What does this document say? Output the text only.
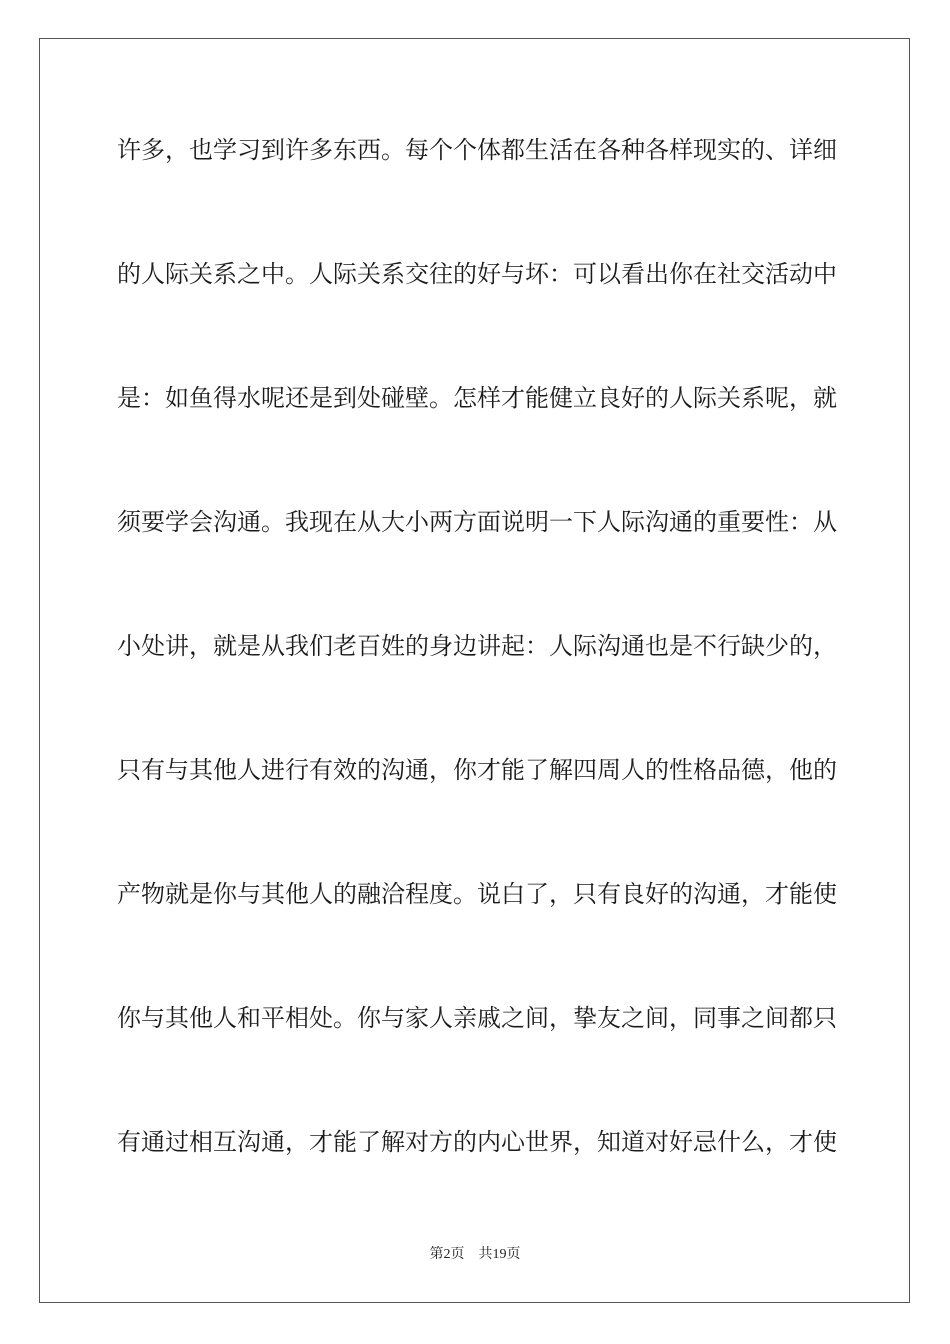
许多，也学习到许多东西。每个个体都生活在各种各样现实的、详细
的人际关系之中。人际关系交往的好与坏：可以看出你在社交活动中
是：如鱼得水呢还是到处碰壁。怎样才能健立良好的人际关系呢，就
须要学会沟通。我现在从大小两方面说明一下人际沟通的重要性：从
小处讲，就是从我们老百姓的身边讲起：人际沟通也是不行缺少的，
只有与其他人进行有效的沟通，你才能了解四周人的性格品德，他的
产物就是你与其他人的融洽程度。说白了，只有良好的沟通，才能使
你与其他人和平相处。你与家人亲戚之间，挚友之间，同事之间都只
有通过相互沟通，才能了解对方的内心世界，知道对好忌什么，才使
第2页 共19页
